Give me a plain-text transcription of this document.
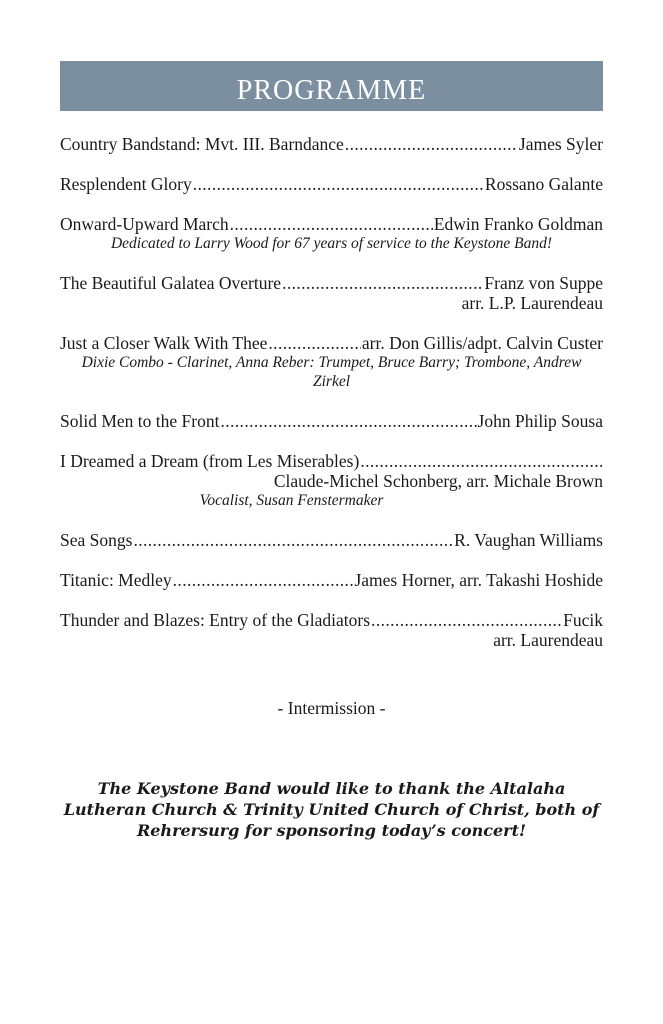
programme
Country Bandstand: Mvt. III. Barndance .....	James Syler
Resplendent Glory .....	Rossano Galante
Onward-Upward March .....	Edwin Franko Goldman
Dedicated to Larry Wood for 67 years of service to the Keystone Band!
The Beautiful Galatea Overture .....	Franz von Suppe
arr. L.P. Laurendeau
Just a Closer Walk With Thee .....	arr. Don Gillis/adpt. Calvin Custer
Dixie Combo - Clarinet, Anna Reber: Trumpet, Bruce Barry; Trombone, Andrew Zirkel
Solid Men to the Front .....	John Philip Sousa
I Dreamed a Dream (from Les Miserables)
.....
Claude-Michel Schonberg, arr. Michale Brown
Vocalist, Susan Fenstermaker
Sea Songs .....	R. Vaughan Williams
Titanic: Medley .....	James Horner, arr. Takashi Hoshide
Thunder and Blazes: Entry of the Gladiators .....	Fucik
arr. Laurendeau
- Intermission -
The Keystone Band would like to thank the Altalaha Lutheran Church & Trinity United Church of Christ, both of Rehrersurg for sponsoring today’s concert!
